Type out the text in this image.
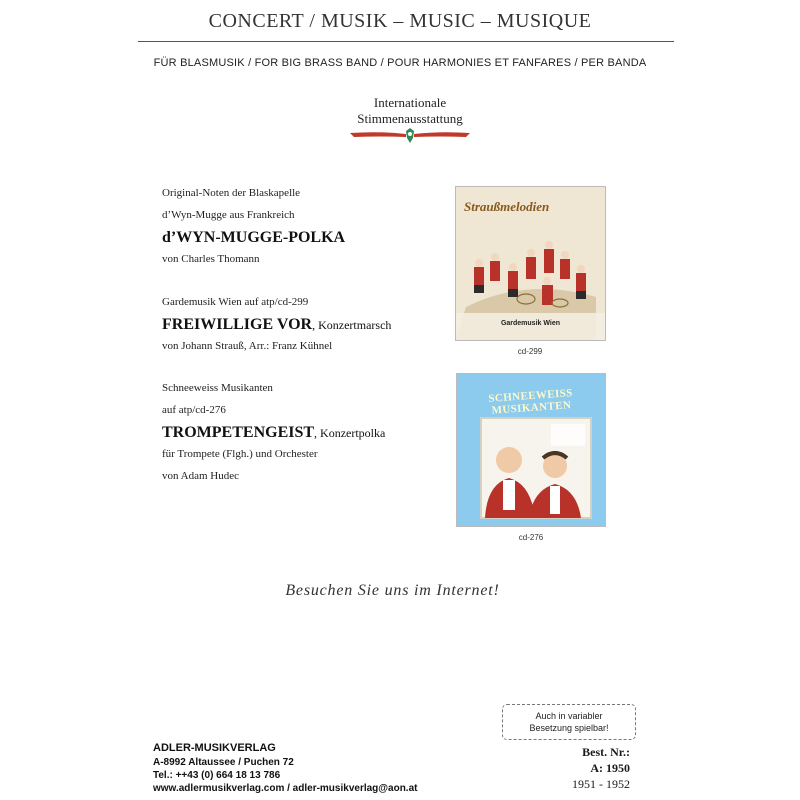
CONCERT / MUSIK – MUSIC – MUSIQUE
FÜR BLASMUSIK / FOR BIG BRASS BAND / POUR HARMONIES ET FANFARES / PER BANDA
Internationale
Stimmenausstattung
Original-Noten der Blaskapelle
d’Wyn-Mugge aus Frankreich
d’WYN-MUGGE-POLKA
von Charles Thomann
Gardemusik Wien auf atp/cd-299
FREIWILLIGE VOR, Konzertmarsch
von Johann Strauß, Arr.: Franz Kühnel
Schneeweiss Musikanten
auf atp/cd-276
TROMPETENGEIST, Konzertpolka
für Trompete (Flgh.) und Orchester
von Adam Hudec
Straußmelodien
Gardemusik Wien
cd-299
SCHNEEWEISS MUSIKANTEN
cd-276
Besuchen Sie uns im Internet!
Auch in variabler
Besetzung spielbar!
ADLER-MUSIKVERLAG
A-8992 Altaussee / Puchen 72
Tel.: ++43 (0) 664 18 13 786
www.adlermusikverlag.com / adler-musikverlag@aon.at
Best. Nr.:
A: 1950
1951 - 1952
